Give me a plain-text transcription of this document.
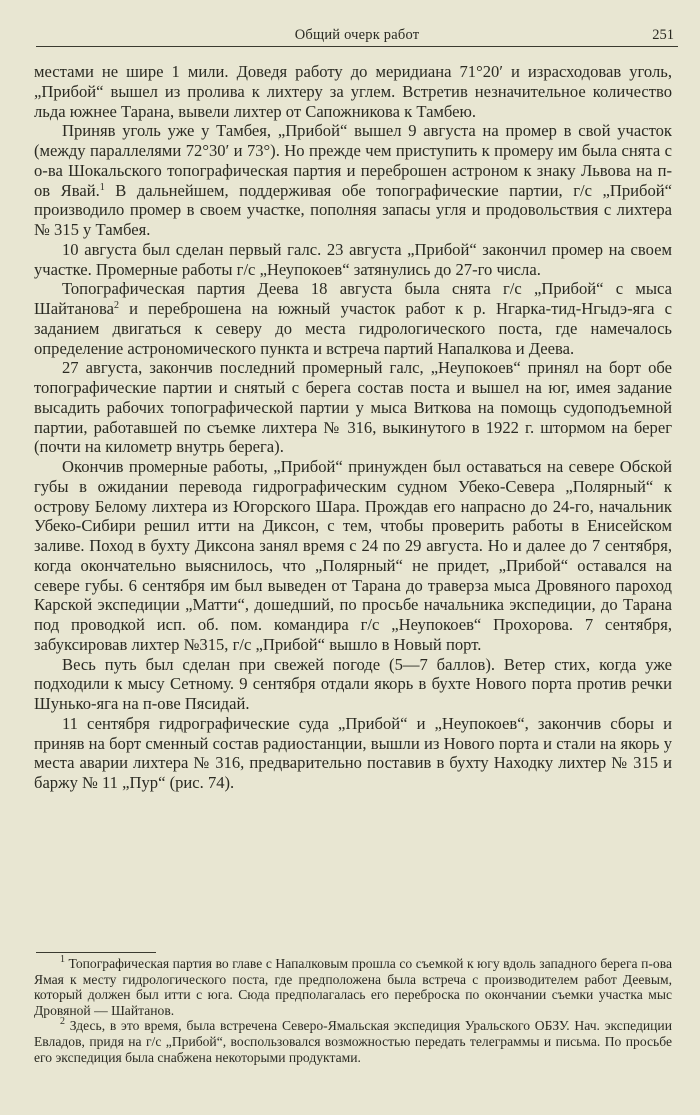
Общий очерк работ	251

местами не шире 1 мили. Доведя работу до меридиана 71°20′ и израсходовав уголь, „Прибой“ вышел из пролива к лихтеру за углем. Встретив незначительное количество льда южнее Тарана, вывели лихтер от Сапожникова к Тамбею.

Приняв уголь уже у Тамбея, „Прибой“ вышел 9 августа на промер в свой участок (между параллелями 72°30′ и 73°). Но прежде чем приступить к промеру им была снята с о-ва Шокальского топографическая партия и переброшен астроном к знаку Львова на п-ов Явай.$^1$ В дальнейшем, поддерживая обе топографические партии, г/с „Прибой“ производило промер в своем участке, пополняя запасы угля и продовольствия с лихтера № 315 у Тамбея.

10 августа был сделан первый галс. 23 августа „Прибой“ закончил промер на своем участке. Промерные работы г/с „Неупокоев“ затянулись до 27-го числа.

Топографическая партия Деева 18 августа была снята г/с „Прибой“ с мыса Шайтанова$^2$ и переброшена на южный участок работ к р. Нгарка-тид-Нгыдэ-яга с заданием двигаться к северу до места гидрологического поста, где намечалось определение астрономического пункта и встреча партий Напалкова и Деева.

27 августа, закончив последний промерный галс, „Неупокоев“ принял на борт обе топографические партии и снятый с берега состав поста и вышел на юг, имея задание высадить рабочих топографической партии у мыса Виткова на помощь судоподъемной партии, работавшей по съемке лихтера № 316, выкинутого в 1922 г. штормом на берег (почти на километр внутрь берега).

Окончив промерные работы, „Прибой“ принужден был оставаться на севере Обской губы в ожидании перевода гидрографическим судном Убеко-Севера „Полярный“ к острову Белому лихтера из Югорского Шара. Прождав его напрасно до 24-го, начальник Убеко-Сибири решил итти на Диксон, с тем, чтобы проверить работы в Енисейском заливе. Поход в бухту Диксона занял время с 24 по 29 августа. Но и далее до 7 сентября, когда окончательно выяснилось, что „Полярный“ не придет, „Прибой“ оставался на севере губы. 6 сентября им был выведен от Тарана до траверза мыса Дровяного пароход Карской экспедиции „Матти“, дошедший, по просьбе начальника экспедиции, до Тарана под проводкой исп. об. пом. командира г/с „Неупокоев“ Прохорова. 7 сентября, забуксировав лихтер №315, г/с „Прибой“ вышло в Новый порт.

Весь путь был сделан при свежей погоде (5—7 баллов). Ветер стих, когда уже подходили к мысу Сетному. 9 сентября отдали якорь в бухте Нового порта против речки Шунько-яга на п-ове Пясидай.

11 сентября гидрографические суда „Прибой“ и „Неупокоев“, закончив сборы и приняв на борт сменный состав радиостанции, вышли из Нового порта и стали на якорь у места аварии лихтера № 316, предварительно поставив в бухту Находку лихтер № 315 и баржу № 11 „Пур“ (рис. 74).

$^1$ Топографическая партия во главе с Напалковым прошла со съемкой к югу вдоль западного берега п-ова Ямая к месту гидрологического поста, где предположена была встреча с производителем работ Деевым, который должен был итти с юга. Сюда предполагалась его переброска по окончании съемки участка мыс Дровяной — Шайтанов.

$^2$ Здесь, в это время, была встречена Северо-Ямальская экспедиция Уральского ОБЗУ. Нач. экспедиции Евладов, придя на г/с „Прибой“, воспользовался возможностью передать телеграммы и письма. По просьбе его экспедиция была снабжена некоторыми продуктами.
